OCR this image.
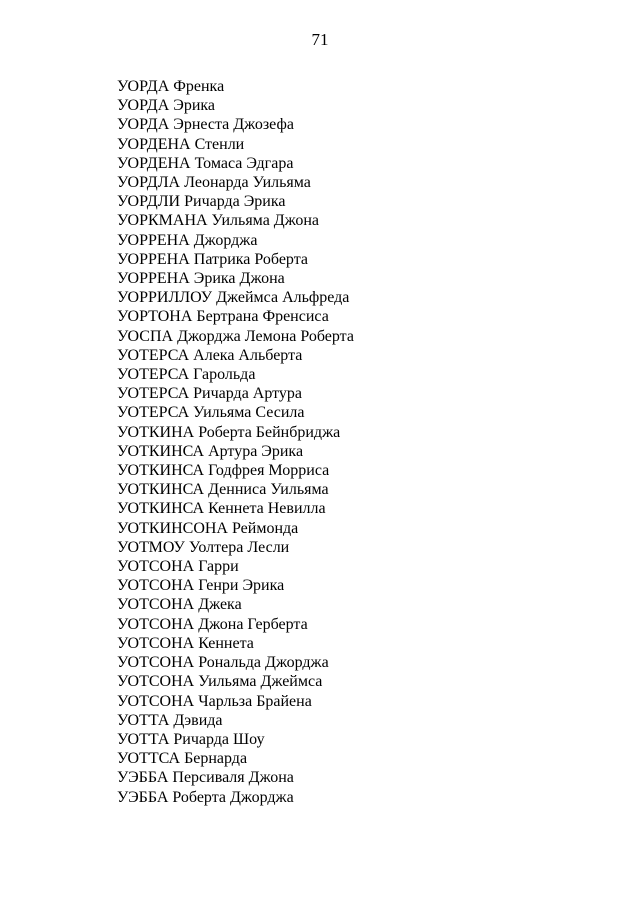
71
УОРДА Френка
УОРДА Эрика
УОРДА Эрнеста Джозефа
УОРДЕНА Стенли
УОРДЕНА Томаса Эдгара
УОРДЛА Леонарда Уильяма
УОРДЛИ Ричарда Эрика
УОРКМАНА Уильяма Джона
УОРРЕНА Джорджа
УОРРЕНА Патрика Роберта
УОРРЕНА Эрика Джона
УОРРИЛЛОУ Джеймса Альфреда
УОРТОНА Бертрана Френсиса
УОСПА Джорджа Лемона Роберта
УОТЕРСА Алека Альберта
УОТЕРСА Гарольда
УОТЕРСА Ричарда Артура
УОТЕРСА Уильяма Сесила
УОТКИНА Роберта Бейнбриджа
УОТКИНСА Артура Эрика
УОТКИНСА Годфрея Морриса
УОТКИНСА Денниса Уильяма
УОТКИНСА Кеннета Невилла
УОТКИНСОНА Реймонда
УОТМОУ Уолтера Лесли
УОТСОНА Гарри
УОТСОНА Генри Эрика
УОТСОНА Джека
УОТСОНА Джона Герберта
УОТСОНА Кеннета
УОТСОНА Рональда Джорджа
УОТСОНА Уильяма Джеймса
УОТСОНА Чарльза Брайена
УОТТА Дэвида
УОТТА Ричарда Шоу
УОТТСА Бернарда
УЭББА Персиваля Джона
УЭББА Роберта Джорджа
